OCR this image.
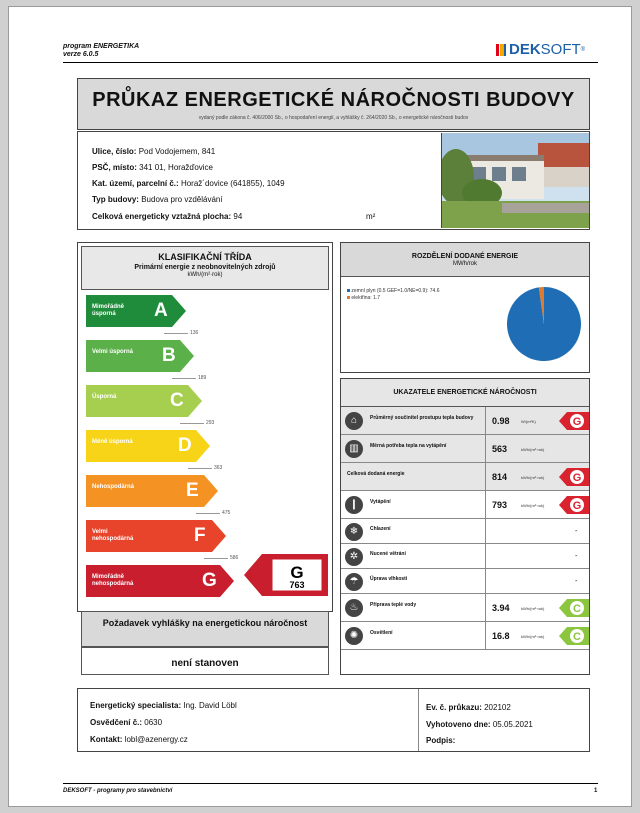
program ENERGETIKA
verze 6.0.5	DEK SOFT ®
PRŮKAZ ENERGETICKÉ NÁROČNOSTI BUDOVY
vydaný podle zákona č. 406/2000 Sb., o hospodaření energií, a vyhlášky č. 264/2020 Sb., o energetické náročnosti budov
Ulice, číslo: Pod Vodojemem, 841
PSČ, místo: 341 01, Horažďovice
Kat. území, parcelní č.: Horaž´dovice (641855), 1049
Typ budovy: Budova pro vzdělávání
Celková energeticky vztažná plocha: 94	m²
KLASIFIKAČNÍ TŘÍDA
Primární energie z neobnovitelných zdrojů
kWh/(m²·rok)
Mimořádně úsporná	A
Velmi úsporná	B
Úsporná	C
Méně úsporná	D
Nehospodárná	E
Velmi nehospodárná	F
Mimořádně nehospodárná	G
136
189
293
363
475
586
G
763
Požadavek vyhlášky na energetickou náročnost
není stanoven
ROZDĚLENÍ DODANÉ ENERGIE
MWh/rok
zemní plyn (0.5 GEF=1.0/NE=0.9): 74.6
elektřina: 1.7
UKAZATELE ENERGETICKÉ NÁROČNOSTI
⌂	Průměrný součinitel prostupu tepla budovy	0.98	W/(m²K)	G
▥	Měrná potřeba tepla na vytápění	563	kWh/(m²·rok)
Celková dodaná energie	814	kWh/(m²·rok)	G
❙	Vytápění	793	kWh/(m²·rok)	G
❄	Chlazení	-
✲	Nucené větrání	-
☂	Úprava vlhkosti	-
♨	Příprava teplé vody	3.94	kWh/(m²·rok)	C
✺	Osvětlení	16.8	kWh/(m²·rok)	C
Energetický specialista: Ing. David Löbl
Osvědčení č.: 0630
Kontakt: lobl@azenergy.cz
Ev. č. průkazu: 202102
Vyhotoveno dne: 05.05.2021
Podpis:
DEKSOFT - programy pro stavebnictví	1
